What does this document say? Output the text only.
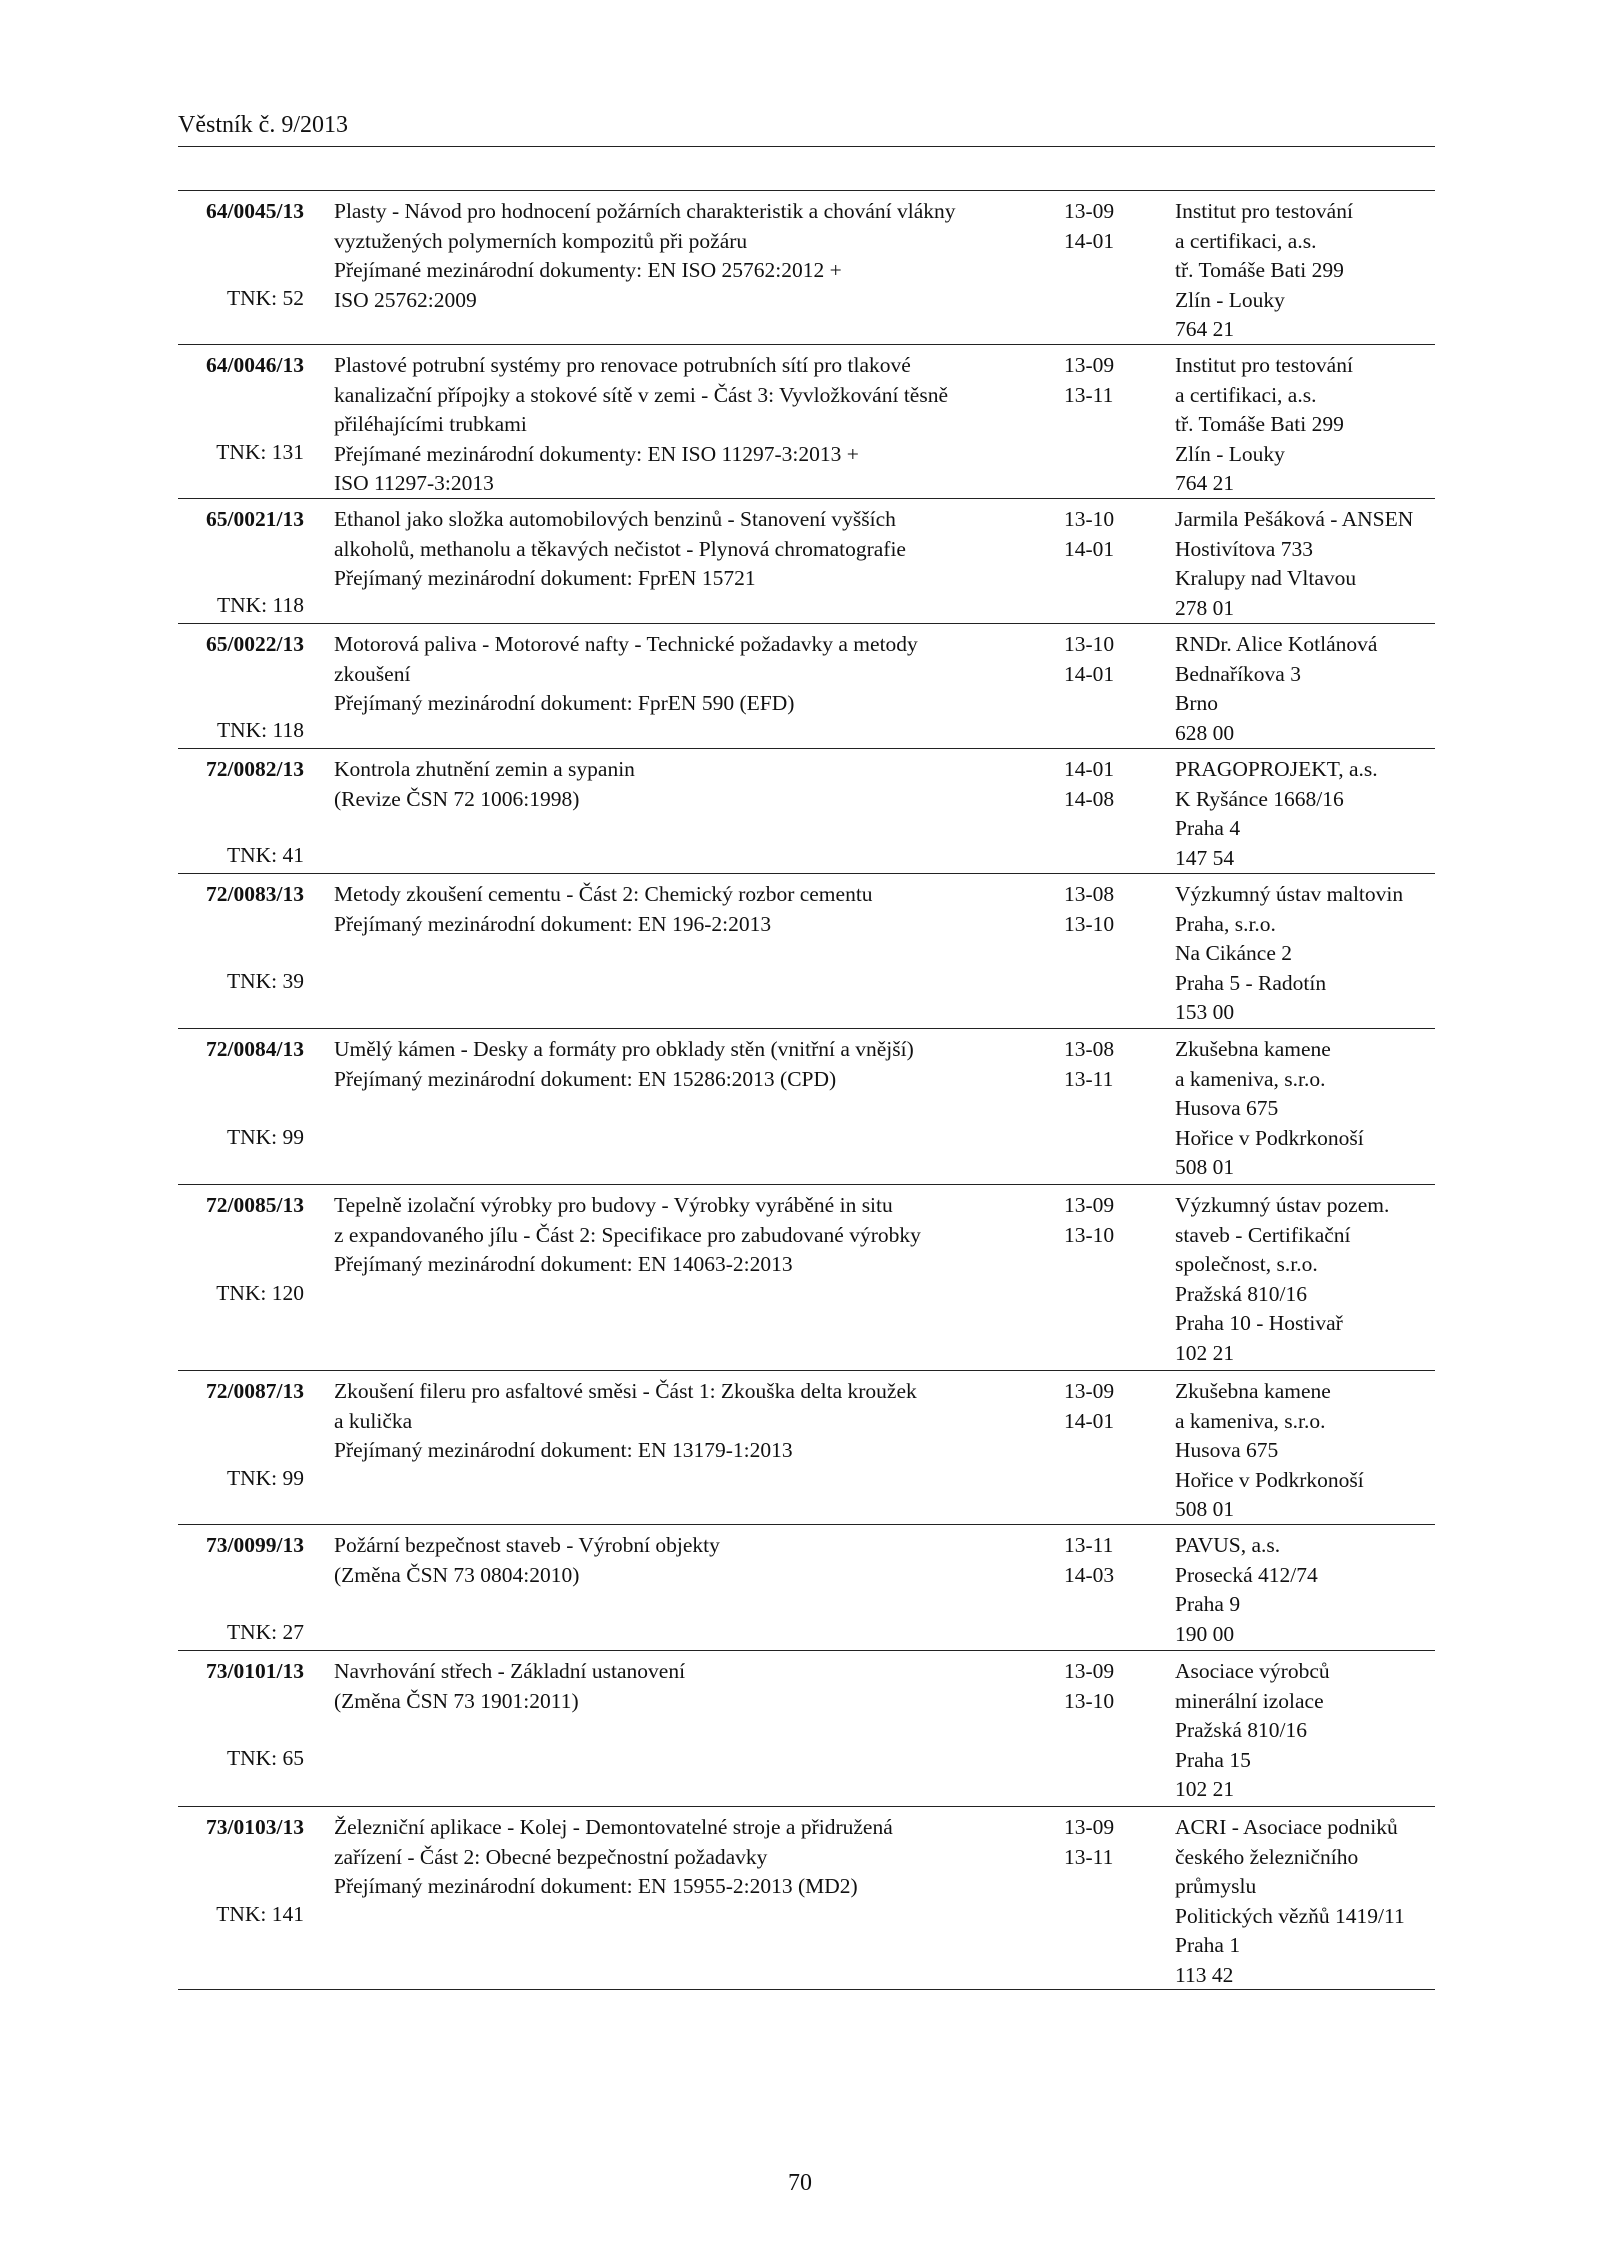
Věstník č. 9/2013
64/0045/13
TNK: 52
Plasty - Návod pro hodnocení požárních charakteristik a chování vlákny
vyztužených polymerních kompozitů při požáru
Přejímané mezinárodní dokumenty: EN ISO 25762:2012 +
ISO 25762:2009
13-09
14-01
Institut pro testování
a certifikaci, a.s.
tř. Tomáše Bati 299
Zlín - Louky
764 21
64/0046/13
TNK: 131
Plastové potrubní systémy pro renovace potrubních sítí pro tlakové
kanalizační přípojky a stokové sítě v zemi - Část 3: Vyvložkování těsně
přiléhajícími trubkami
Přejímané mezinárodní dokumenty: EN ISO 11297-3:2013 +
ISO 11297-3:2013
13-09
13-11
Institut pro testování
a certifikaci, a.s.
tř. Tomáše Bati 299
Zlín - Louky
764 21
65/0021/13
TNK: 118
Ethanol jako složka automobilových benzinů - Stanovení vyšších
alkoholů, methanolu a těkavých nečistot - Plynová chromatografie
Přejímaný mezinárodní dokument: FprEN 15721
13-10
14-01
Jarmila Pešáková - ANSEN
Hostivítova 733
Kralupy nad Vltavou
278 01
65/0022/13
TNK: 118
Motorová paliva - Motorové nafty - Technické požadavky a metody
zkoušení
Přejímaný mezinárodní dokument: FprEN 590 (EFD)
13-10
14-01
RNDr. Alice Kotlánová
Bednaříkova 3
Brno
628 00
72/0082/13
TNK: 41
Kontrola zhutnění zemin a sypanin
(Revize ČSN 72 1006:1998)
14-01
14-08
PRAGOPROJEKT, a.s.
K Ryšánce 1668/16
Praha 4
147 54
72/0083/13
TNK: 39
Metody zkoušení cementu - Část 2: Chemický rozbor cementu
Přejímaný mezinárodní dokument: EN 196-2:2013
13-08
13-10
Výzkumný ústav maltovin
Praha, s.r.o.
Na Cikánce 2
Praha 5 - Radotín
153 00
72/0084/13
TNK: 99
Umělý kámen - Desky a formáty pro obklady stěn (vnitřní a vnější)
Přejímaný mezinárodní dokument: EN 15286:2013 (CPD)
13-08
13-11
Zkušebna kamene
a kameniva, s.r.o.
Husova 675
Hořice v Podkrkonoší
508 01
72/0085/13
TNK: 120
Tepelně izolační výrobky pro budovy - Výrobky vyráběné in situ
z expandovaného jílu - Část 2: Specifikace pro zabudované výrobky
Přejímaný mezinárodní dokument: EN 14063-2:2013
13-09
13-10
Výzkumný ústav pozem.
staveb - Certifikační
společnost, s.r.o.
Pražská 810/16
Praha 10 - Hostivař
102 21
72/0087/13
TNK: 99
Zkoušení fileru pro asfaltové směsi - Část 1: Zkouška delta kroužek
a kulička
Přejímaný mezinárodní dokument: EN 13179-1:2013
13-09
14-01
Zkušebna kamene
a kameniva, s.r.o.
Husova 675
Hořice v Podkrkonoší
508 01
73/0099/13
TNK: 27
Požární bezpečnost staveb - Výrobní objekty
(Změna ČSN 73 0804:2010)
13-11
14-03
PAVUS, a.s.
Prosecká 412/74
Praha 9
190 00
73/0101/13
TNK: 65
Navrhování střech - Základní ustanovení
(Změna ČSN 73 1901:2011)
13-09
13-10
Asociace výrobců
minerální izolace
Pražská 810/16
Praha 15
102 21
73/0103/13
TNK: 141
Železniční aplikace - Kolej - Demontovatelné stroje a přidružená
zařízení - Část 2: Obecné bezpečnostní požadavky
Přejímaný mezinárodní dokument: EN 15955-2:2013 (MD2)
13-09
13-11
ACRI - Asociace podniků
českého železničního
průmyslu
Politických vězňů 1419/11
Praha 1
113 42
70
